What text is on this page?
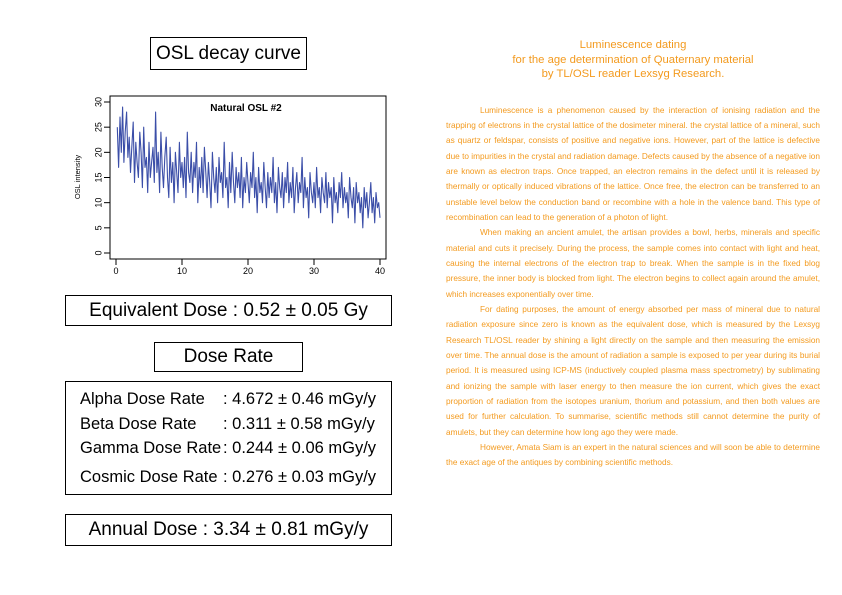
OSL decay curve
0
5
10
15
20
25
30
0	10	20	30	40
OSL intensity
Natural OSL #2
Equivalent Dose : 0.52 ± 0.05 Gy
Dose Rate
Alpha Dose Rate : 4.672 ± 0.46 mGy/y
Beta Dose Rate : 0.311 ± 0.58 mGy/y
Gamma Dose Rate : 0.244 ± 0.06 mGy/y
Cosmic Dose Rate : 0.276 ± 0.03 mGy/y
Annual Dose : 3.34 ± 0.81 mGy/y
Luminescence dating
for the age determination of Quaternary material
by TL/OSL reader Lexsyg Research.

Luminescence is a phenomenon caused by the interaction of ionising radiation and the trapping of electrons in the crystal lattice of the dosimeter mineral. the crystal lattice of a mineral, such as quartz or feldspar, consists of positive and negative ions. However, part of the lattice is defective due to impurities in the crystal and radiation damage. Defects caused by the absence of a negative ion are known as electron traps. Once trapped, an electron remains in the defect until it is released by thermally or optically induced vibrations of the lattice. Once free, the electron can be transferred to an unstable level below the conduction band or recombine with a hole in the valence band. This type of recombination can lead to the generation of a photon of light.

When making an ancient amulet, the artisan provides a bowl, herbs, minerals and specific material and cuts it precisely. During the process, the sample comes into contact with light and heat, causing the internal electrons of the electron trap to break. When the sample is in the fixed blog pressure, the inner body is blocked from light. The electron begins to collect again around the amulet, which increases exponentially over time.

For dating purposes, the amount of energy absorbed per mass of mineral due to natural radiation exposure since zero is known as the equivalent dose, which is measured by the Lexsyg Research TL/OSL reader by shining a light directly on the sample and then measuring the emission over time. The annual dose is the amount of radiation a sample is exposed to per year during its burial period. It is measured using ICP-MS (inductively coupled plasma mass spectrometry) by sublimating and ionizing the sample with laser energy to then measure the ion current, which gives the exact proportion of radiation from the isotopes uranium, thorium and potassium, and then both values are used for further calculation. To summarise, scientific methods still cannot determine the purity of amulets, but they can determine how long ago they were made.

However, Amata Siam is an expert in the natural sciences and will soon be able to determine the exact age of the antiques by combining scientific methods.
